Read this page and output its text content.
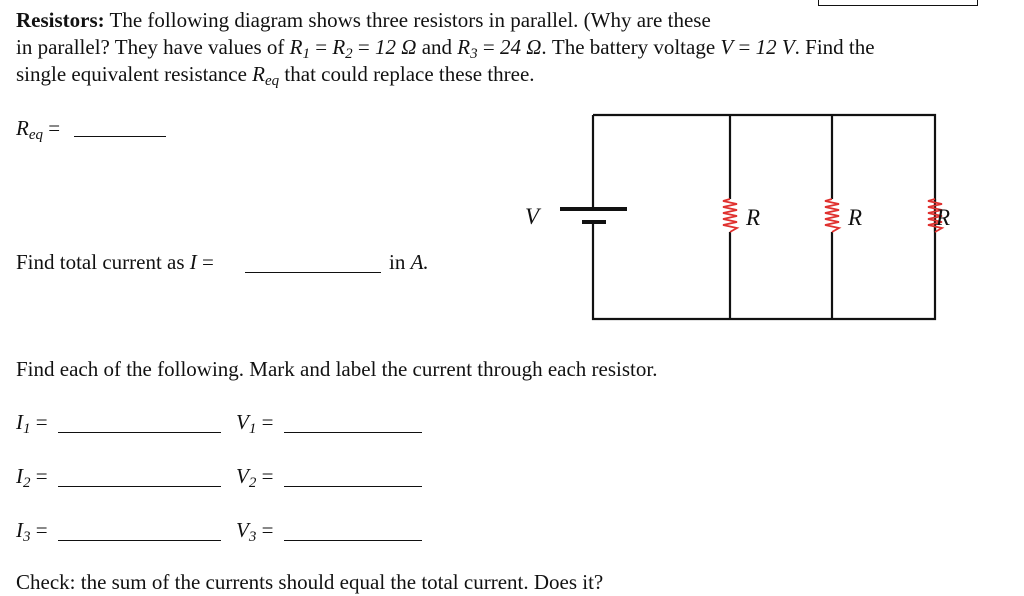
Resistors: The following diagram shows three resistors in parallel. (Why are these
in parallel? They have values of $R_1 = R_2 = 12$ Ω and $R_3 = 24$ Ω. The battery voltage V = 12 V. Find the
single equivalent resistance $R_{eq}$ that could replace these three.
$R_{eq}$ =
Find total current as I =	in A.
V	R	R	R
Find each of the following. Mark and label the current through each resistor.
$I_1$ =	$V_1$ =
$I_2$ =	$V_2$ =
$I_3$ =	$V_3$ =
Check: the sum of the currents should equal the total current. Does it?
